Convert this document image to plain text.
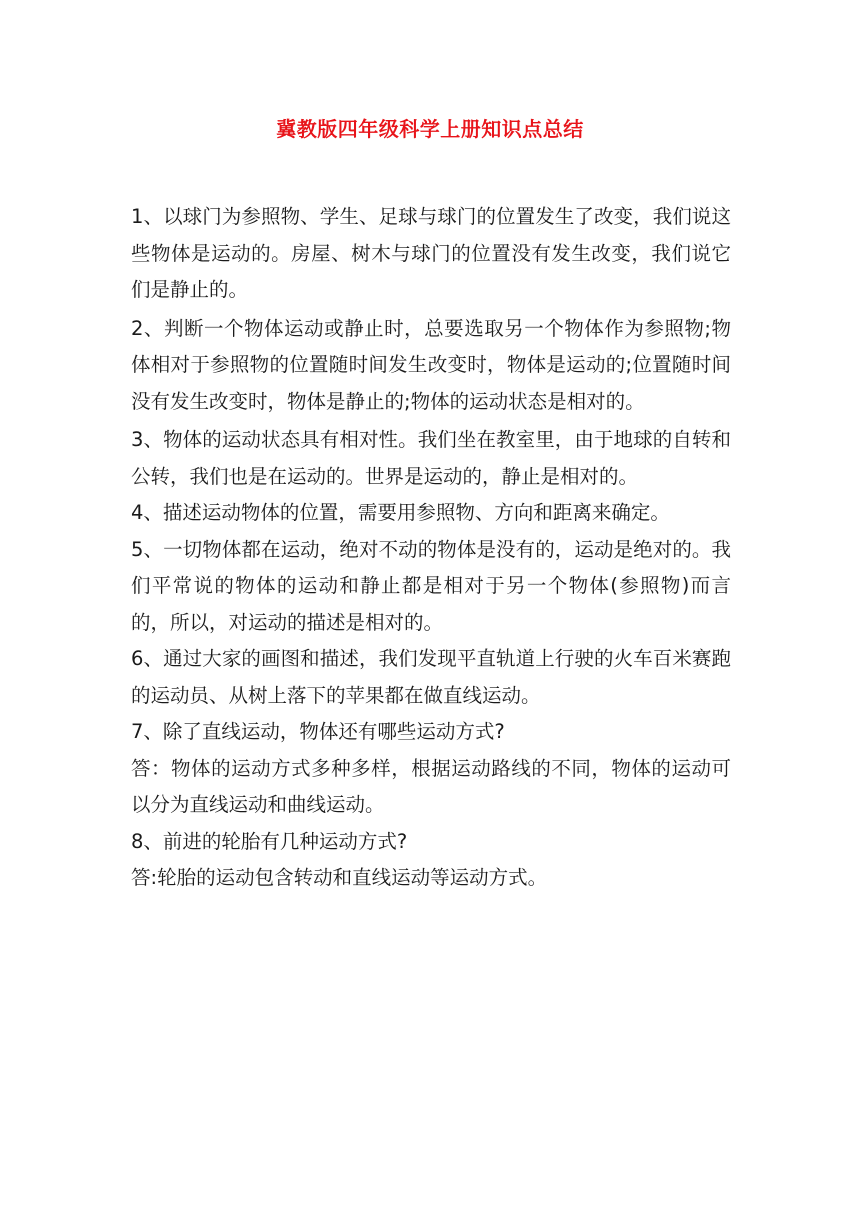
冀教版四年级科学上册知识点总结

1、以球门为参照物、学生、足球与球门的位置发生了改变，我们说这些物体是运动的。房屋、树木与球门的位置没有发生改变，我们说它们是静止的。

2、判断一个物体运动或静止时，总要选取另一个物体作为参照物;物体相对于参照物的位置随时间发生改变时，物体是运动的;位置随时间没有发生改变时，物体是静止的;物体的运动状态是相对的。

3、物体的运动状态具有相对性。我们坐在教室里，由于地球的自转和公转，我们也是在运动的。世界是运动的，静止是相对的。

4、描述运动物体的位置，需要用参照物、方向和距离来确定。

5、一切物体都在运动，绝对不动的物体是没有的，运动是绝对的。我们平常说的物体的运动和静止都是相对于另一个物体(参照物)而言的，所以，对运动的描述是相对的。

6、通过大家的画图和描述，我们发现平直轨道上行驶的火车百米赛跑的运动员、从树上落下的苹果都在做直线运动。

7、除了直线运动，物体还有哪些运动方式?

答：物体的运动方式多种多样，根据运动路线的不同，物体的运动可以分为直线运动和曲线运动。

8、前进的轮胎有几种运动方式?

答:轮胎的运动包含转动和直线运动等运动方式。
